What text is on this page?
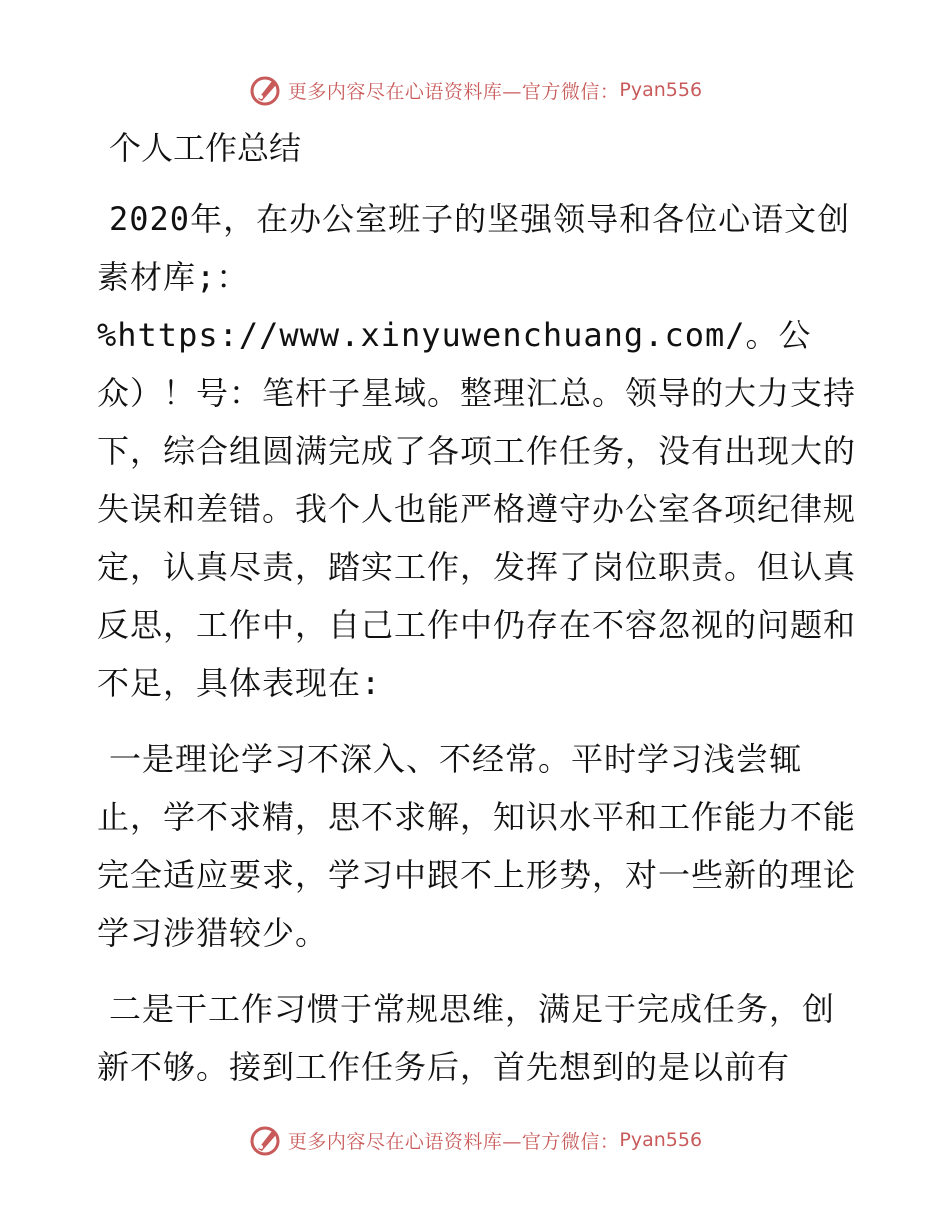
更多内容尽在心语资料库—官方微信： Pyan556
个人工作总结

2020年，在办公室班子的坚强领导和各位心语文创素材库;：%https://www.xinyuwenchuang.com/。公众）！号：笔杆子星域。整理汇总。领导的大力支持下，综合组圆满完成了各项工作任务，没有出现大的失误和差错。我个人也能严格遵守办公室各项纪律规定，认真尽责，踏实工作，发挥了岗位职责。但认真反思，工作中，自己工作中仍存在不容忽视的问题和不足，具体表现在:

一是理论学习不深入、不经常。平时学习浅尝辄止，学不求精，思不求解，知识水平和工作能力不能完全适应要求，学习中跟不上形势，对一些新的理论学习涉猎较少。

二是干工作习惯于常规思维，满足于完成任务，创新不够。接到工作任务后，首先想到的是以前有

更多内容尽在心语资料库—官方微信： Pyan556
